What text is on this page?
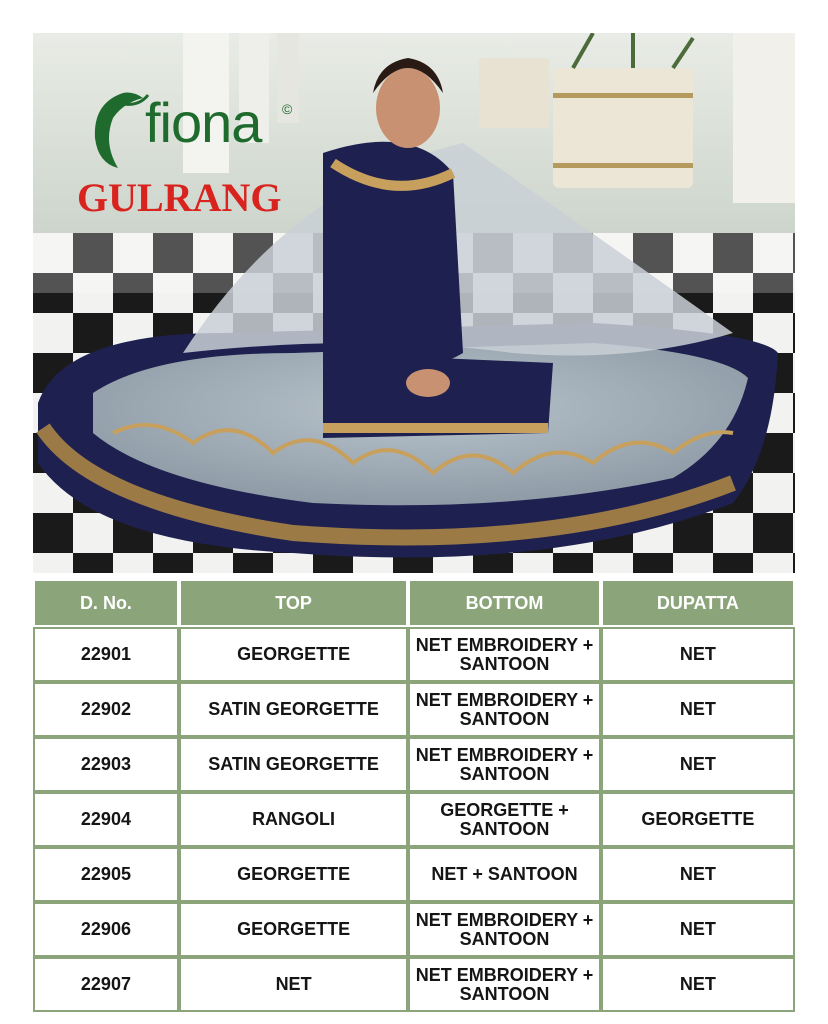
fiona ©
GULRANG
D. No.	TOP	BOTTOM	DUPATTA
22901	GEORGETTE	NET EMBROIDERY + SANTOON	NET
22902	SATIN GEORGETTE	NET EMBROIDERY + SANTOON	NET
22903	SATIN GEORGETTE	NET EMBROIDERY + SANTOON	NET
22904	RANGOLI	GEORGETTE + SANTOON	GEORGETTE
22905	GEORGETTE	NET + SANTOON	NET
22906	GEORGETTE	NET EMBROIDERY + SANTOON	NET
22907	NET	NET EMBROIDERY + SANTOON	NET
